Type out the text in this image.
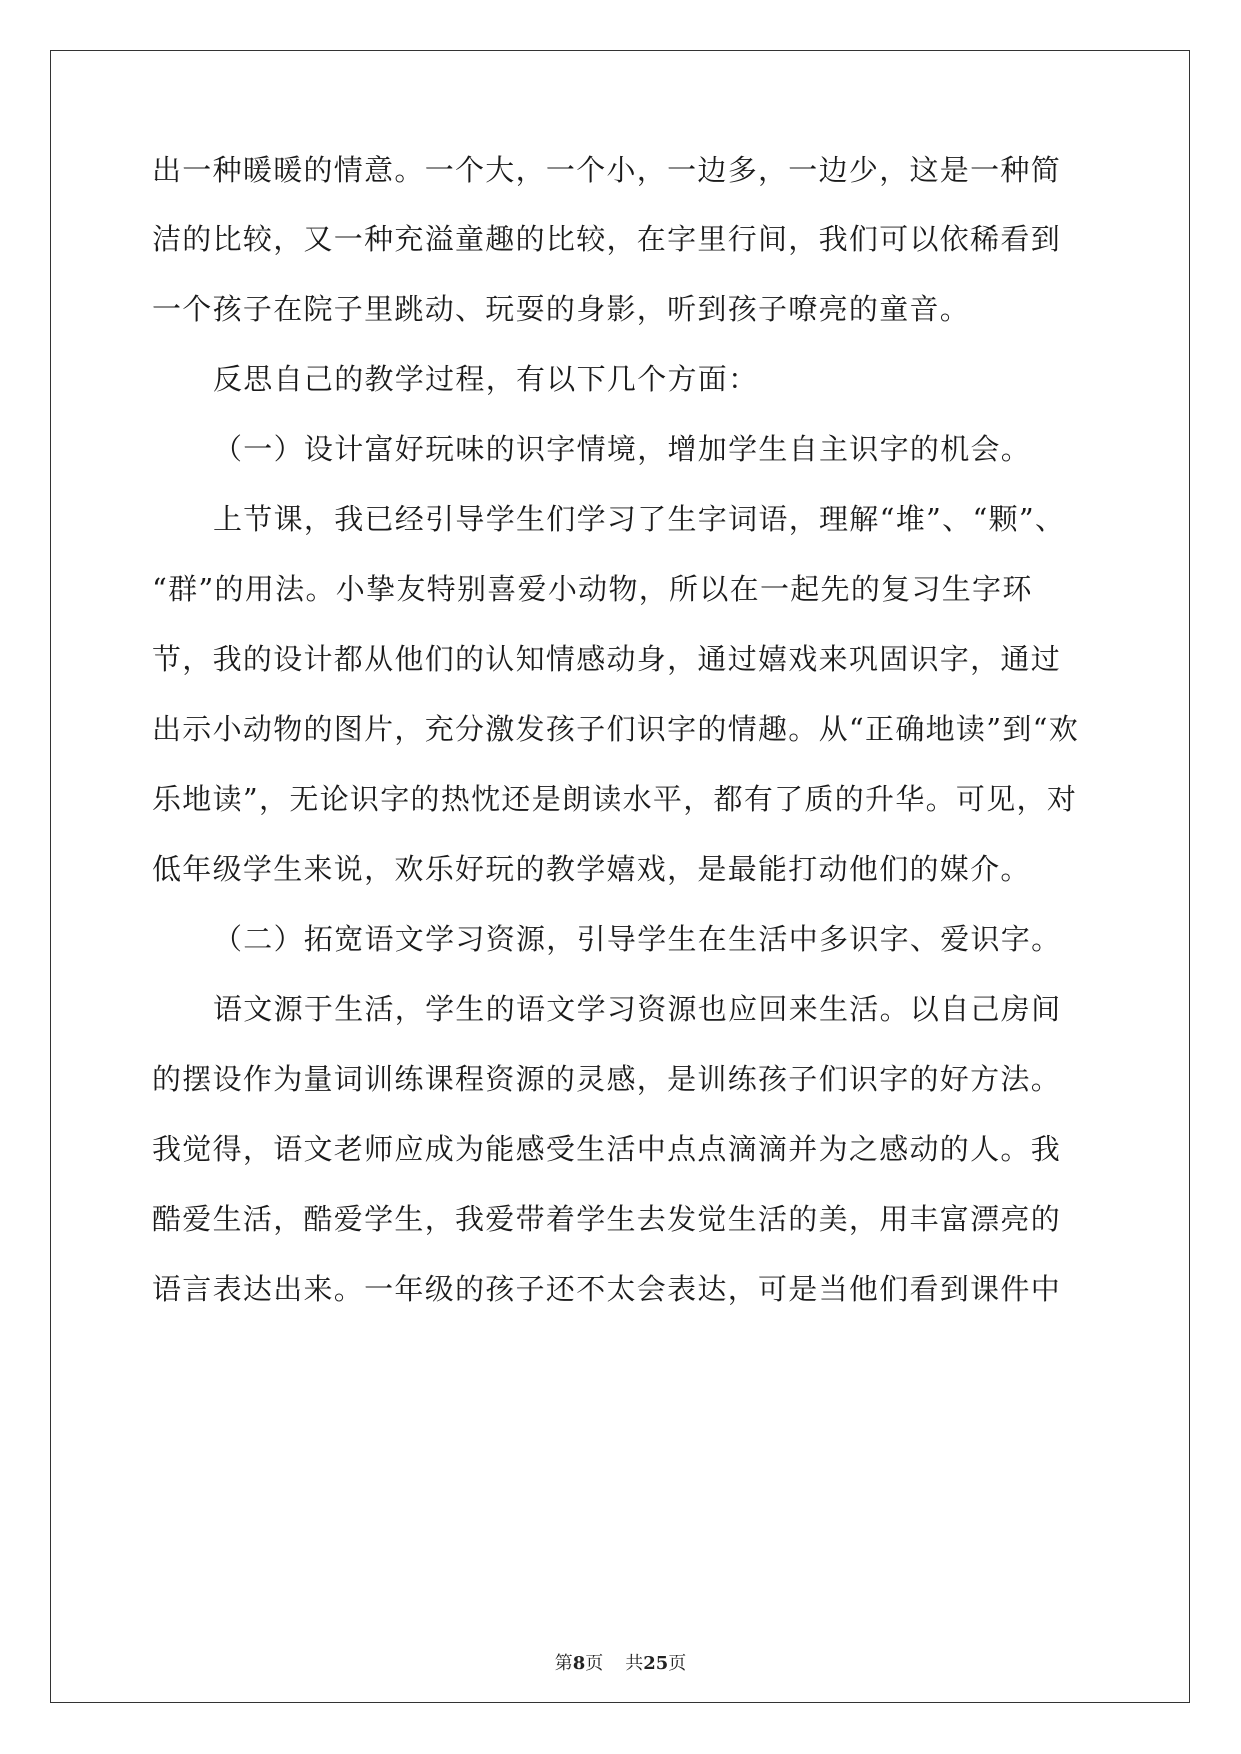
出一种暖暖的情意。一个大，一个小，一边多，一边少，这是一种简
洁的比较，又一种充溢童趣的比较，在字里行间，我们可以依稀看到
一个孩子在院子里跳动、玩耍的身影，听到孩子嘹亮的童音。
反思自己的教学过程，有以下几个方面：
（一）设计富好玩味的识字情境，增加学生自主识字的机会。
上节课，我已经引导学生们学习了生字词语，理解“堆”、“颗”、
“群”的用法。小挚友特别喜爱小动物，所以在一起先的复习生字环
节，我的设计都从他们的认知情感动身，通过嬉戏来巩固识字，通过
出示小动物的图片，充分激发孩子们识字的情趣。从“正确地读”到“欢
乐地读”，无论识字的热忱还是朗读水平，都有了质的升华。可见，对
低年级学生来说，欢乐好玩的教学嬉戏，是最能打动他们的媒介。
（二）拓宽语文学习资源，引导学生在生活中多识字、爱识字。
语文源于生活，学生的语文学习资源也应回来生活。以自己房间
的摆设作为量词训练课程资源的灵感，是训练孩子们识字的好方法。
我觉得，语文老师应成为能感受生活中点点滴滴并为之感动的人。我
酷爱生活，酷爱学生，我爱带着学生去发觉生活的美，用丰富漂亮的
语言表达出来。一年级的孩子还不太会表达，可是当他们看到课件中
第8页 共25页
